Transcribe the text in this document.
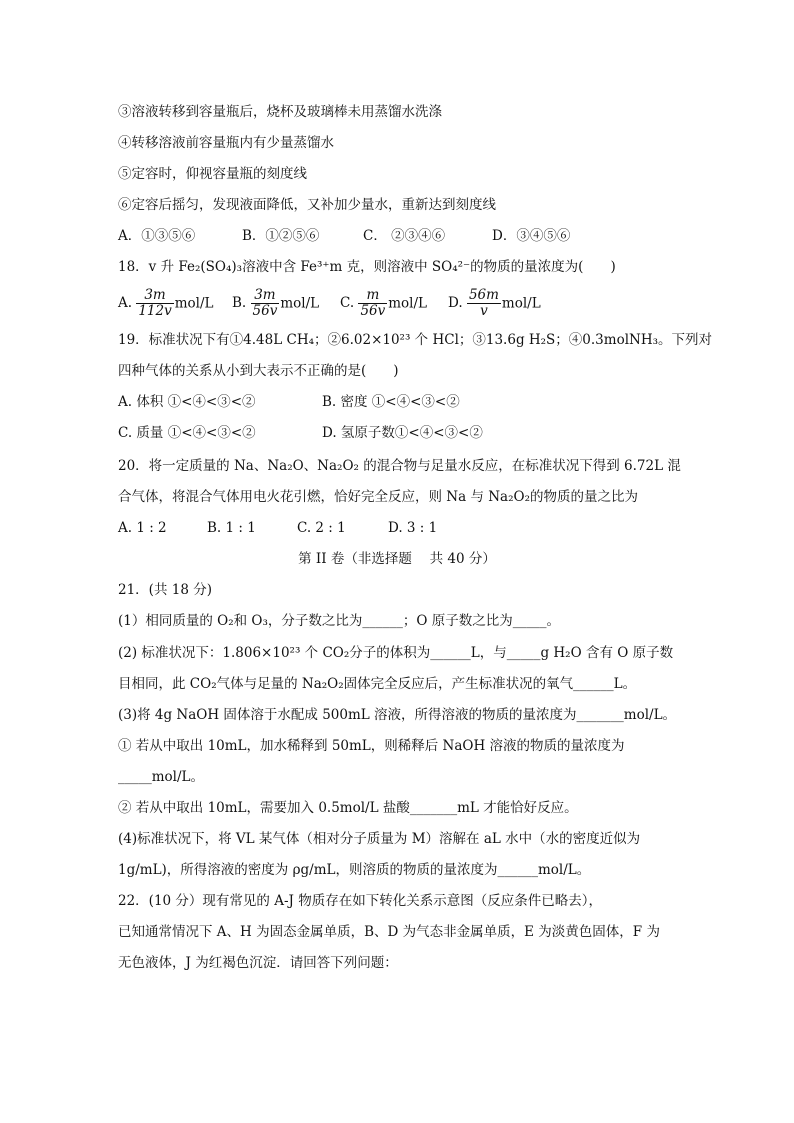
③溶液转移到容量瓶后，烧杯及玻璃棒未用蒸馏水洗涤
④转移溶液前容量瓶内有少量蒸馏水
⑤定容时，仰视容量瓶的刻度线
⑥定容后摇匀，发现液面降低，又补加少量水，重新达到刻度线
A．①③⑤⑥	B．①②⑤⑥	C． ②③④⑥	D．③④⑤⑥
18．v 升 Fe₂(SO₄)₃溶液中含 Fe³⁺m 克，则溶液中 SO₄²⁻的物质的量浓度为(　　)
A. $\frac{3m}{112v} mol/L$ B. $\frac{3m}{56v} mol/L$ C. $\frac{m}{56v} mol/L$ D. $\frac{56m}{v} mol/L$
19．标准状况下有①4.48L CH₄；②6.02×10²³ 个 HCl；③13.6g H₂S；④0.3molNH₃。下列对
四种气体的关系从小到大表示不正确的是(　　)
A. 体积 ①<④<③<②	B. 密度 ①<④<③<②
C. 质量 ①<④<③<②	D. 氢原子数①<④<③<②
20．将一定质量的 Na、Na₂O、Na₂O₂ 的混合物与足量水反应，在标准状况下得到 6.72L 混
合气体，将混合气体用电火花引燃，恰好完全反应，则 Na 与 Na₂O₂的物质的量之比为
A. 1 : 2	B. 1 : 1	C. 2 : 1	D. 3 : 1
第 II 卷（非选择题　 共 40 分）
21．(共 18 分)
(1）相同质量的 O₂和 O₃，分子数之比为______；O 原子数之比为_____。
(2) 标准状况下：1.806×10²³ 个 CO₂分子的体积为______L，与_____g H₂O 含有 O 原子数
目相同，此 CO₂气体与足量的 Na₂O₂固体完全反应后，产生标准状况的氧气______L。
(3)将 4g NaOH 固体溶于水配成 500mL 溶液，所得溶液的物质的量浓度为_______mol/L。
① 若从中取出 10mL，加水稀释到 50mL，则稀释后 NaOH 溶液的物质的量浓度为
_____mol/L。
② 若从中取出 10mL，需要加入 0.5mol/L 盐酸_______mL 才能恰好反应。
(4)标准状况下，将 VL 某气体（相对分子质量为 M）溶解在 aL 水中（水的密度近似为
1g/mL)，所得溶液的密度为 ρg/mL，则溶质的物质的量浓度为______mol/L。
22．(10 分）现有常见的 A-J 物质存在如下转化关系示意图（反应条件已略去），
已知通常情况下 A、H 为固态金属单质，B、D 为气态非金属单质，E 为淡黄色固体，F 为
无色液体，J 为红褐色沉淀．请回答下列问题：
